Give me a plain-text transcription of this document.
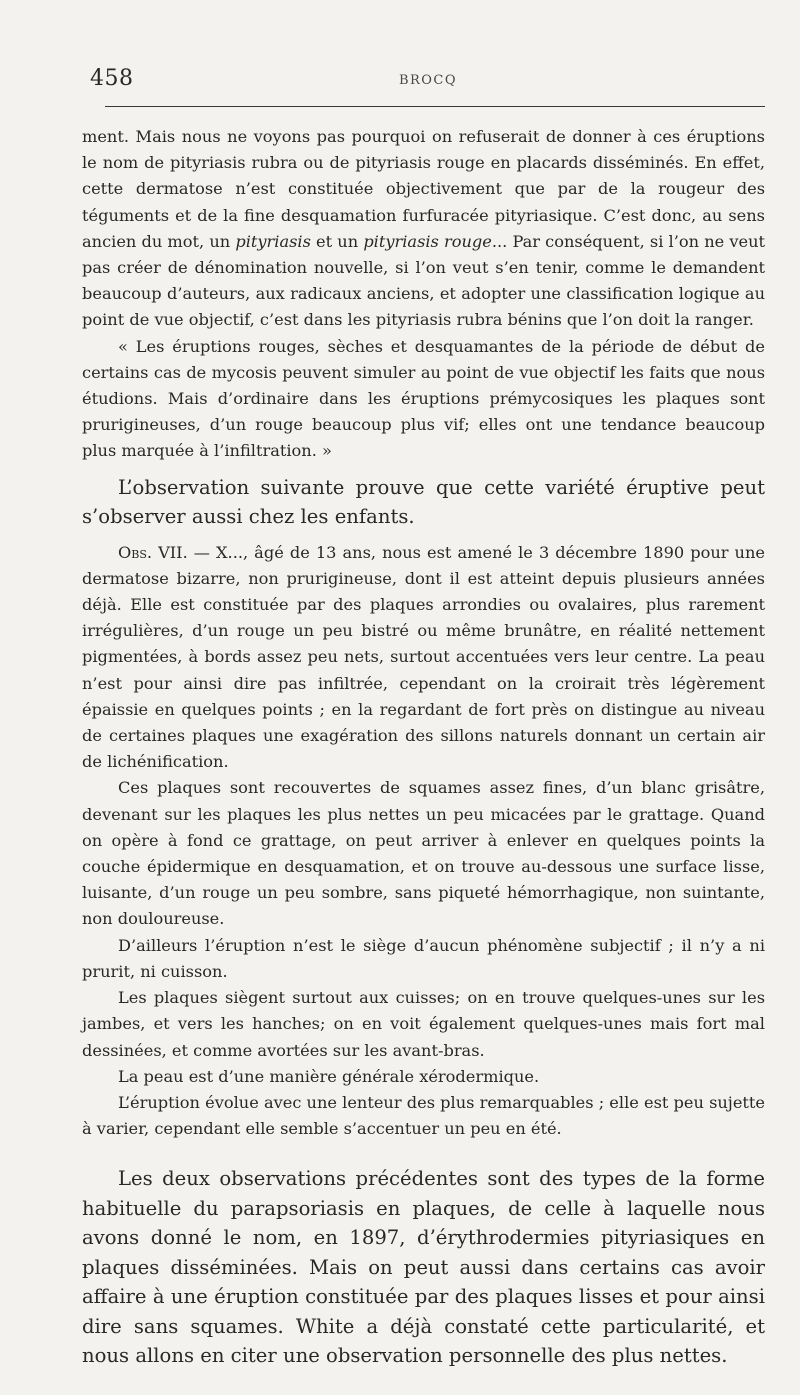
458	BROCQ

ment. Mais nous ne voyons pas pourquoi on refuserait de donner à ces éruptions le nom de pityriasis rubra ou de pityriasis rouge en placards disséminés. En effet, cette dermatose n’est constituée objectivement que par de la rougeur des téguments et de la fine desquamation furfuracée pityriasique. C’est donc, au sens ancien du mot, un pityriasis et un pityriasis rouge... Par conséquent, si l’on ne veut pas créer de dénomination nouvelle, si l’on veut s’en tenir, comme le demandent beaucoup d’auteurs, aux radicaux anciens, et adopter une classification logique au point de vue objectif, c’est dans les pityriasis rubra bénins que l’on doit la ranger.

« Les éruptions rouges, sèches et desquamantes de la période de début de certains cas de mycosis peuvent simuler au point de vue objectif les faits que nous étudions. Mais d’ordinaire dans les éruptions prémycosiques les plaques sont prurigineuses, d’un rouge beaucoup plus vif; elles ont une tendance beaucoup plus marquée à l’infiltration. »

L’observation suivante prouve que cette variété éruptive peut s’observer aussi chez les enfants.

Obs. VII. — X..., âgé de 13 ans, nous est amené le 3 décembre 1890 pour une dermatose bizarre, non prurigineuse, dont il est atteint depuis plusieurs années déjà. Elle est constituée par des plaques arrondies ou ovalaires, plus rarement irrégulières, d’un rouge un peu bistré ou même brunâtre, en réalité nettement pigmentées, à bords assez peu nets, surtout accentuées vers leur centre. La peau n’est pour ainsi dire pas infiltrée, cependant on la croirait très légèrement épaissie en quelques points ; en la regardant de fort près on distingue au niveau de certaines plaques une exagération des sillons naturels donnant un certain air de lichénification.

Ces plaques sont recouvertes de squames assez fines, d’un blanc grisâtre, devenant sur les plaques les plus nettes un peu micacées par le grattage. Quand on opère à fond ce grattage, on peut arriver à enlever en quelques points la couche épidermique en desquamation, et on trouve au-dessous une surface lisse, luisante, d’un rouge un peu sombre, sans piqueté hémorrhagique, non suintante, non douloureuse.

D’ailleurs l’éruption n’est le siège d’aucun phénomène subjectif ; il n’y a ni prurit, ni cuisson.

Les plaques siègent surtout aux cuisses; on en trouve quelques-unes sur les jambes, et vers les hanches; on en voit également quelques-unes mais fort mal dessinées, et comme avortées sur les avant-bras.

La peau est d’une manière générale xérodermique.

L’éruption évolue avec une lenteur des plus remarquables ; elle est peu sujette à varier, cependant elle semble s’accentuer un peu en été.

Les deux observations précédentes sont des types de la forme habituelle du parapsoriasis en plaques, de celle à laquelle nous avons donné le nom, en 1897, d’érythrodermies pityriasiques en plaques disséminées. Mais on peut aussi dans certains cas avoir affaire à une éruption constituée par des plaques lisses et pour ainsi dire sans squames. White a déjà constaté cette particularité, et nous allons en citer une observation personnelle des plus nettes.
